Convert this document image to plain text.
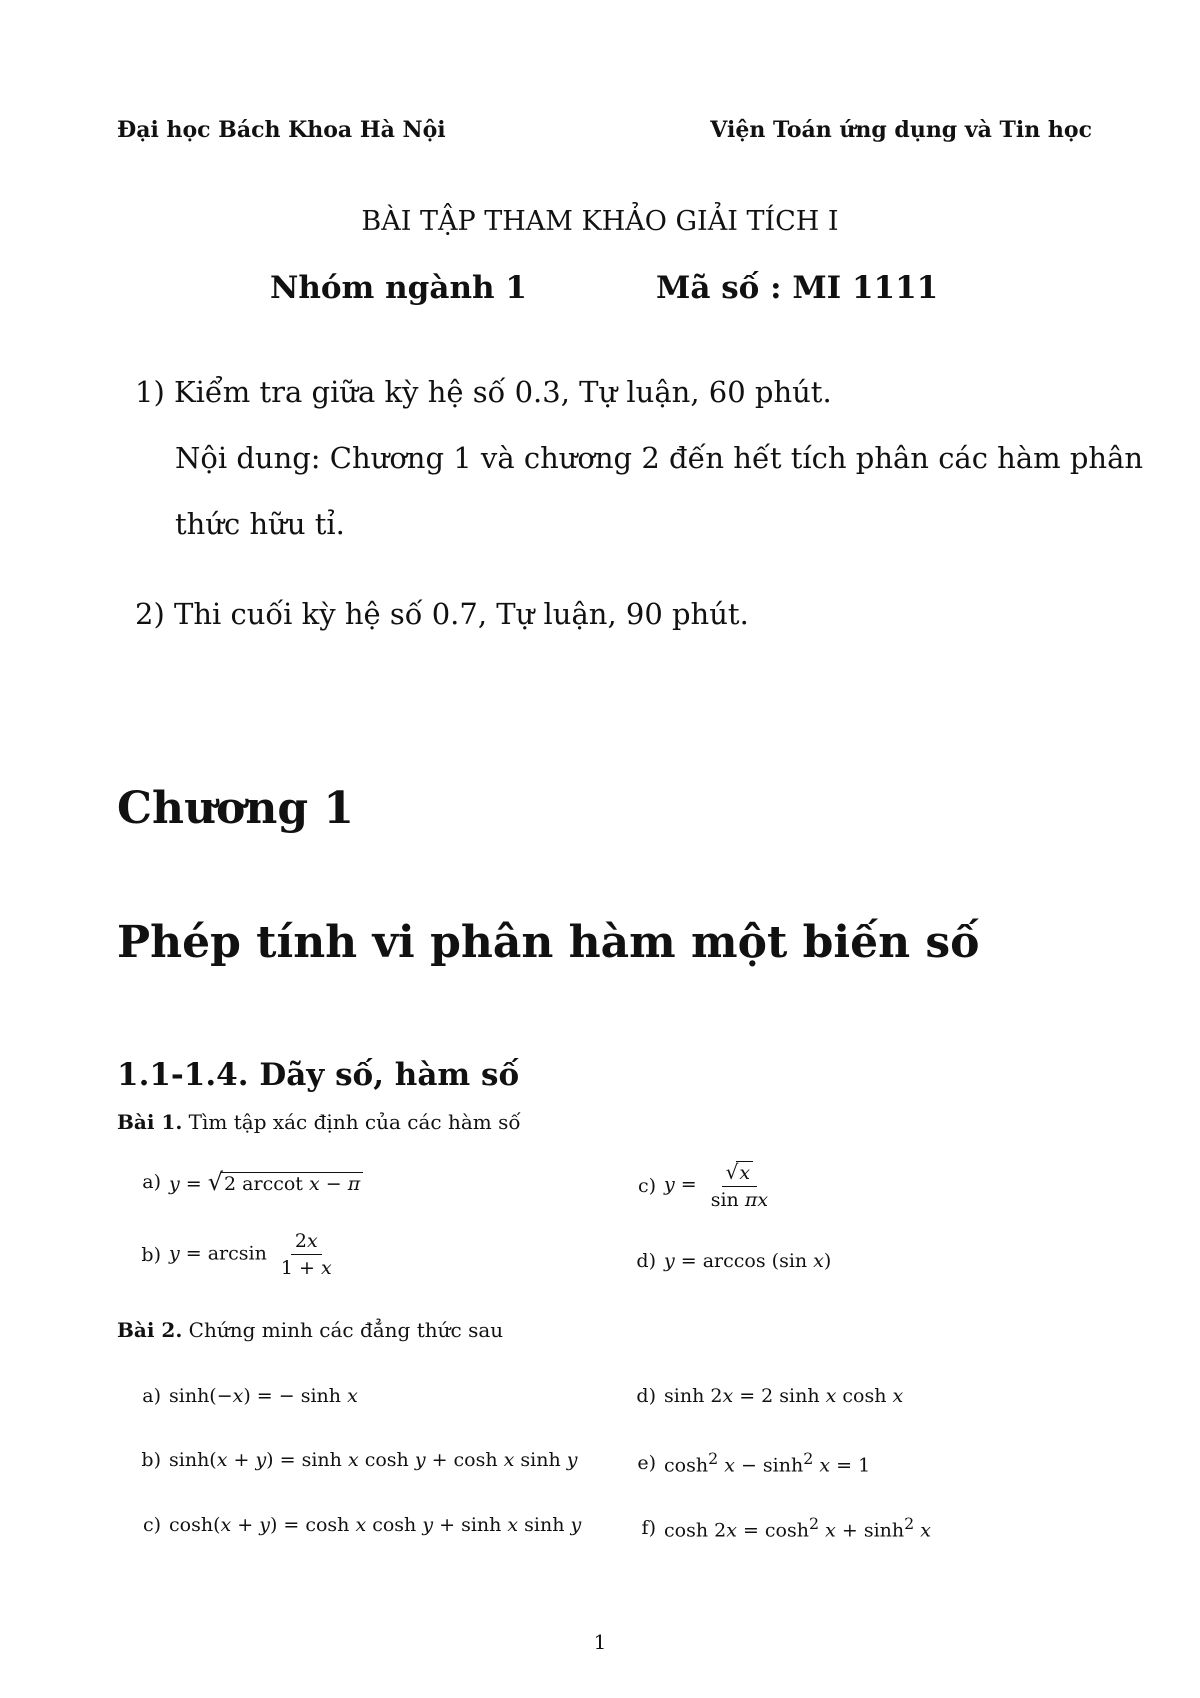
Đại học Bách Khoa Hà Nội	Viện Toán ứng dụng và Tin học
BÀI TẬP THAM KHẢO GIẢI TÍCH I
Nhóm ngành 1	Mã số : MI 1111
1) Kiểm tra giữa kỳ hệ số 0.3, Tự luận, 60 phút.
Nội dung: Chương 1 và chương 2 đến hết tích phân các hàm phân
thức hữu tỉ.
2) Thi cuối kỳ hệ số 0.7, Tự luận, 90 phút.
Chương 1
Phép tính vi phân hàm một biến số
1.1-1.4. Dãy số, hàm số
Bài 1. Tìm tập xác định của các hàm số
a) y = √2 arccot x − π
b) $y = \arcsin \frac{2x}{1 + x}$
c) $y = \frac{√x}{\text{sin πx}}$
d) y = arccos (sin x)
Bài 2. Chứng minh các đẳng thức sau
a) sinh(−x) = − sinh x
b) sinh(x + y) = sinh x cosh y + cosh x sinh y
c) cosh(x + y) = cosh x cosh y + sinh x sinh y
d) sinh 2x = 2 sinh x cosh x
e) $\cosh^2 x - \sinh^2 x = 1$
f) $\cosh 2x = \cosh^2 x + \sinh^2 x$
1
